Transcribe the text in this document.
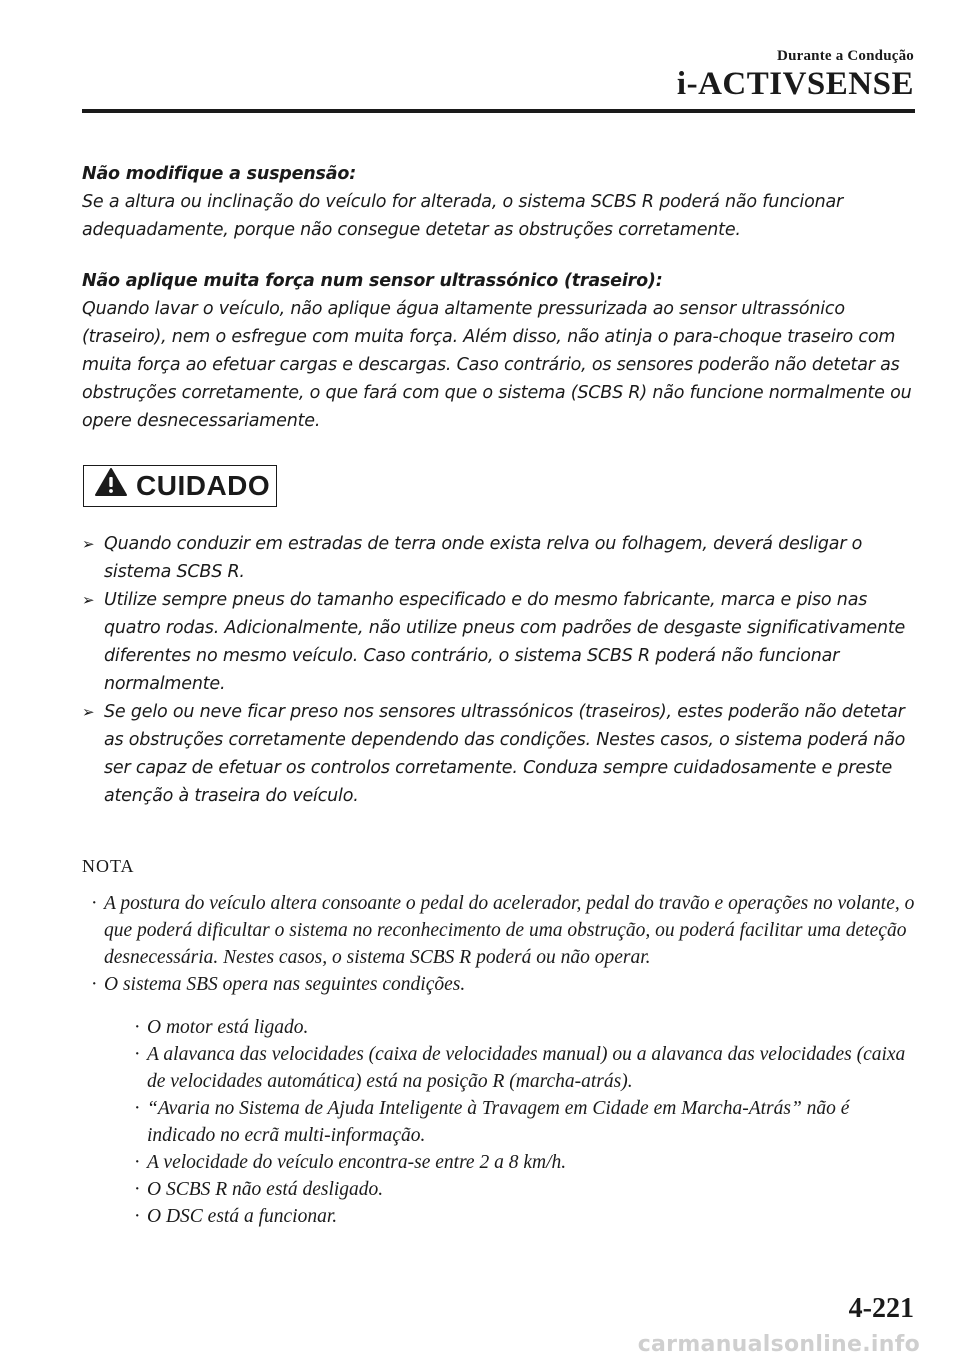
Durante a Condução
i-ACTIVSENSE

Não modifique a suspensão:

Se a altura ou inclinação do veículo for alterada, o sistema SCBS R poderá não funcionar adequadamente, porque não consegue detetar as obstruções corretamente.

Não aplique muita força num sensor ultrassónico (traseiro):

Quando lavar o veículo, não aplique água altamente pressurizada ao sensor ultrassónico (traseiro), nem o esfregue com muita força. Além disso, não atinja o para-choque traseiro com muita força ao efetuar cargas e descargas. Caso contrário, os sensores poderão não detetar as obstruções corretamente, o que fará com que o sistema (SCBS R) não funcione normalmente ou opere desnecessariamente.

CUIDADO
➢ Quando conduzir em estradas de terra onde exista relva ou folhagem, deverá desligar o sistema SCBS R.
➢ Utilize sempre pneus do tamanho especificado e do mesmo fabricante, marca e piso nas quatro rodas. Adicionalmente, não utilize pneus com padrões de desgaste significativamente diferentes no mesmo veículo. Caso contrário, o sistema SCBS R poderá não funcionar normalmente.
➢ Se gelo ou neve ficar preso nos sensores ultrassónicos (traseiros), estes poderão não detetar as obstruções corretamente dependendo das condições. Nestes casos, o sistema poderá não ser capaz de efetuar os controlos corretamente. Conduza sempre cuidadosamente e preste atenção à traseira do veículo.
NOTA
· A postura do veículo altera consoante o pedal do acelerador, pedal do travão e operações no volante, o que poderá dificultar o sistema no reconhecimento de uma obstrução, ou poderá facilitar uma deteção desnecessária. Nestes casos, o sistema SCBS R poderá ou não operar.
· O sistema SBS opera nas seguintes condições.
· O motor está ligado.
· A alavanca das velocidades (caixa de velocidades manual) ou a alavanca das velocidades (caixa de velocidades automática) está na posição R (marcha-atrás).
· “Avaria no Sistema de Ajuda Inteligente à Travagem em Cidade em Marcha-Atrás” não é indicado no ecrã multi-informação.
· A velocidade do veículo encontra-se entre 2 a 8 km/h.
· O SCBS R não está desligado.
· O DSC está a funcionar.
4-221
carmanualsonline.info
